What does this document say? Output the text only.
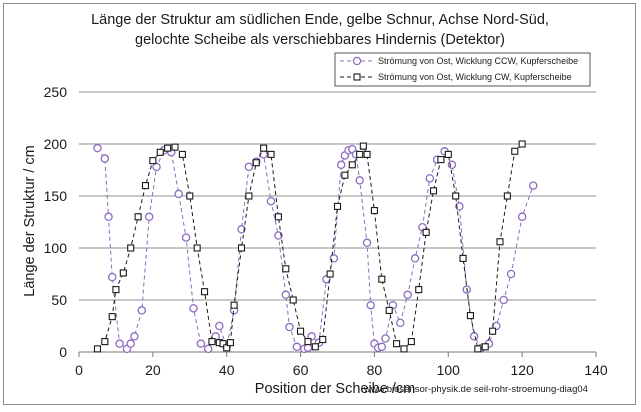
Länge der Struktur am südlichen Ende, gelbe Schnur, Achse Nord-Süd,
gelochte Scheibe als verschiebbares Hindernis (Detektor)
0
50
100
150
200
250
0	20	40	60	80	100	120	140
Position der Scheibe /cm
Länge der Struktur / cm
www.biosensor-physik.de seil-rohr-stroemung-diag04
Strömung von Ost, Wicklung CCW, Kupferscheibe
Strömung von Ost, Wicklung CW, Kupferscheibe
